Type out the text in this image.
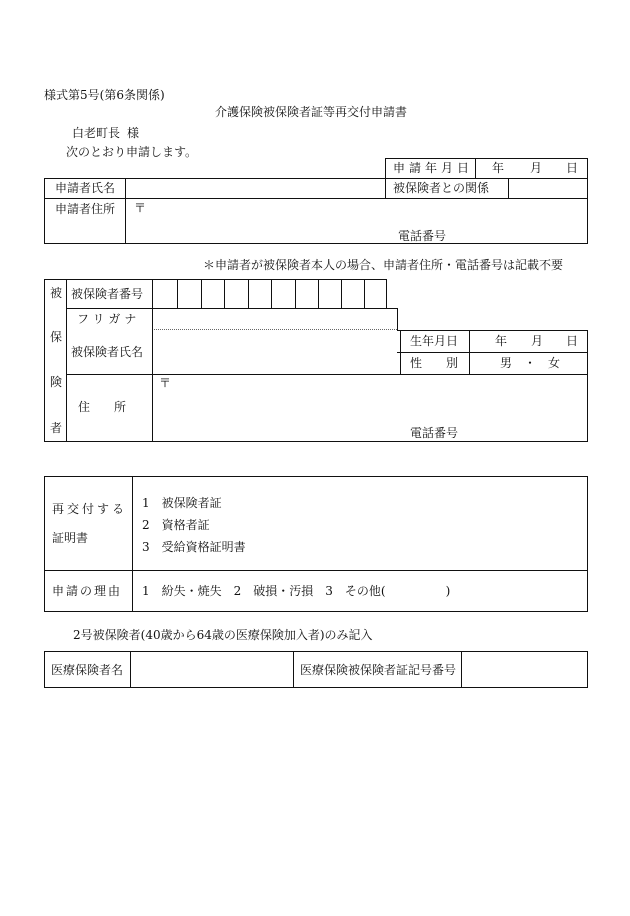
様式第5号(第6条関係)
介護保険被保険者証等再交付申請書
白老町長 様
次のとおり申請します。
申請年月日 年 月 日
申請者氏名	被保険者との関係
申請者住所 〒
電話番号
＊申請者が被保険者本人の場合、申請者住所・電話番号は記載不要
被
保
険
者
被保険者番号
フリガナ
被保険者氏名
生年月日	年 月 日
性　　別	男　・　女
住　　所
〒
電話番号
再交付する
証明書
1　被保険者証
2　資格者証
3　受給資格証明書
申請の理由 1　紛失・焼失　2　破損・汚損　3　その他(　　　　　)
2号被保険者(40歳から64歳の医療保険加入者)のみ記入
医療保険者名	医療保険被保険者証記号番号
